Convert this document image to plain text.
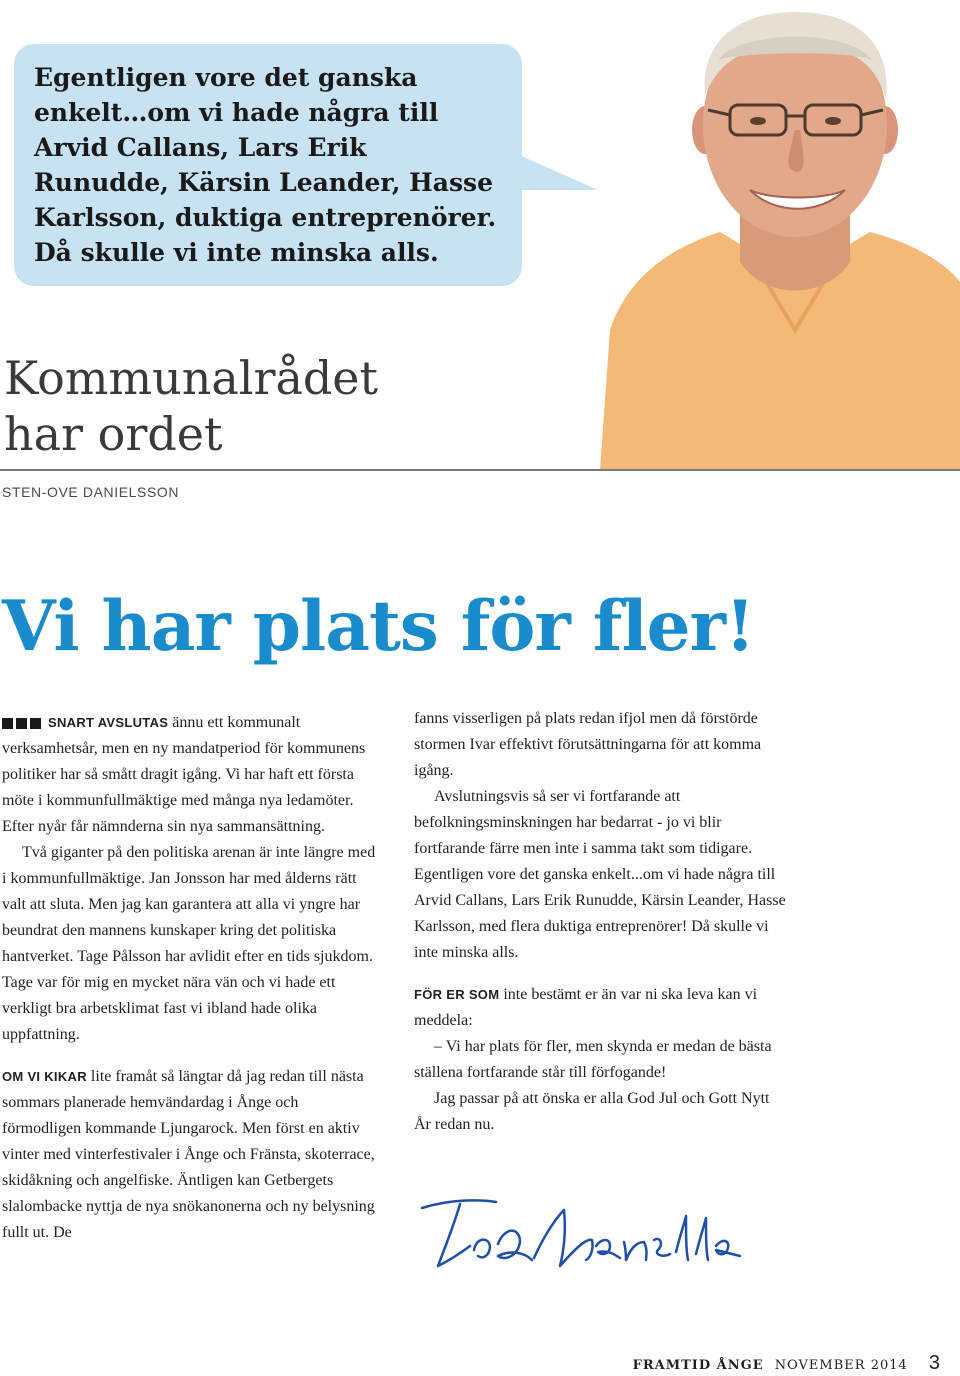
Egentligen vore det ganska
enkelt…om vi hade några till
Arvid Callans, Lars Erik
Runudde, Kärsin Leander, Hasse
Karlsson, duktiga entreprenörer.
Då skulle vi inte minska alls.
Kommunalrådet
har ordet
STEN-OVE DANIELSSON
Vi har plats för fler!

SNART AVSLUTAS ännu ett kommunalt verksamhetsår, men en ny mandatperiod för kommunens politiker har så smått dragit igång. Vi har haft ett första möte i kommunfullmäktige med många nya ledamöter. Efter nyår får nämnderna sin nya sammansättning.

Två giganter på den politiska arenan är inte längre med i kommunfullmäktige. Jan Jonsson har med ålderns rätt valt att sluta. Men jag kan garantera att alla vi yngre har beundrat den mannens kunskaper kring det politiska hantverket. Tage Pålsson har avlidit efter en tids sjukdom. Tage var för mig en mycket nära vän och vi hade ett verkligt bra arbetsklimat fast vi ibland hade olika uppfattning.

OM VI KIKAR lite framåt så längtar då jag redan till nästa sommars planerade hemvändardag i Ånge och förmodligen kommande Ljungarock. Men först en aktiv vinter med vinterfestivaler i Ånge och Fränsta, skoterrace, skidåkning och angelfiske. Äntligen kan Getbergets slalombacke nyttja de nya snökanonerna och ny belysning fullt ut. De

fanns visserligen på plats redan ifjol men då förstörde stormen Ivar effektivt förutsättningarna för att komma igång.

Avslutningsvis så ser vi fortfarande att befolkningsminskningen har bedarrat - jo vi blir fortfarande färre men inte i samma takt som tidigare. Egentligen vore det ganska enkelt...om vi hade några till Arvid Callans, Lars Erik Runudde, Kärsin Leander, Hasse Karlsson, med flera duktiga entreprenörer! Då skulle vi inte minska alls.

FÖR ER SOM inte bestämt er än var ni ska leva kan vi meddela:

– Vi har plats för fler, men skynda er medan de bästa ställena fortfarande står till förfogande!

Jag passar på att önska er alla God Jul och Gott Nytt År redan nu.

FRAMTID ÅNGE NOVEMBER 2014 3
